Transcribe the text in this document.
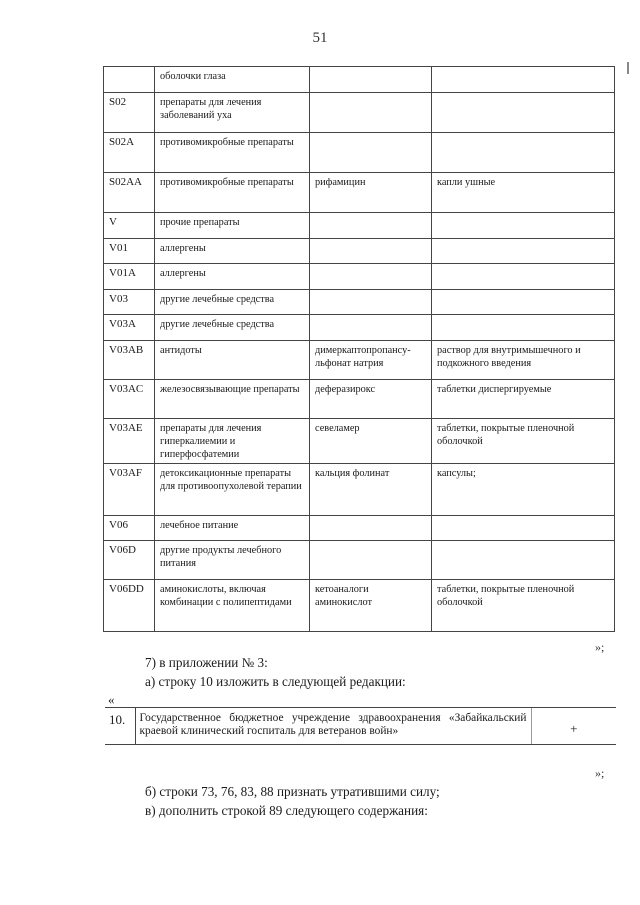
51
	оболочки глаза		
S02	препараты для лечения заболеваний уха		
S02A	противомикробные препараты		
S02AA	противомикробные препараты	рифамицин	капли ушные
V	прочие препараты		
V01	аллергены		
V01A	аллергены		
V03	другие лечебные средства		
V03A	другие лечебные средства		
V03AB	антидоты	димеркаптопропансу-льфонат натрия	раствор для внутримышечного и подкожного введения
V03AC	железосвязывающие препараты	деферазирокс	таблетки диспергируемые
V03AE	препараты для лечения гиперкалиемии и гиперфосфатемии	севеламер	таблетки, покрытые пленочной оболочкой
V03AF	детоксикационные препараты для противоопухолевой терапии	кальция фолинат	капсулы;
V06	лечебное питание		
V06D	другие продукты лечебного питания		
V06DD	аминокислоты, включая комбинации с полипептидами	кетоаналоги аминокислот	таблетки, покрытые пленочной оболочкой
»;
7) в приложении № 3:
а) строку 10 изложить в следующей редакции:
«
10.	Государственное бюджетное учреждение здравоохранения «Забайкальский краевой клинический госпиталь для ветеранов войн»	+
»;
б) строки 73, 76, 83, 88 признать утратившими силу;
в) дополнить строкой 89 следующего содержания:
